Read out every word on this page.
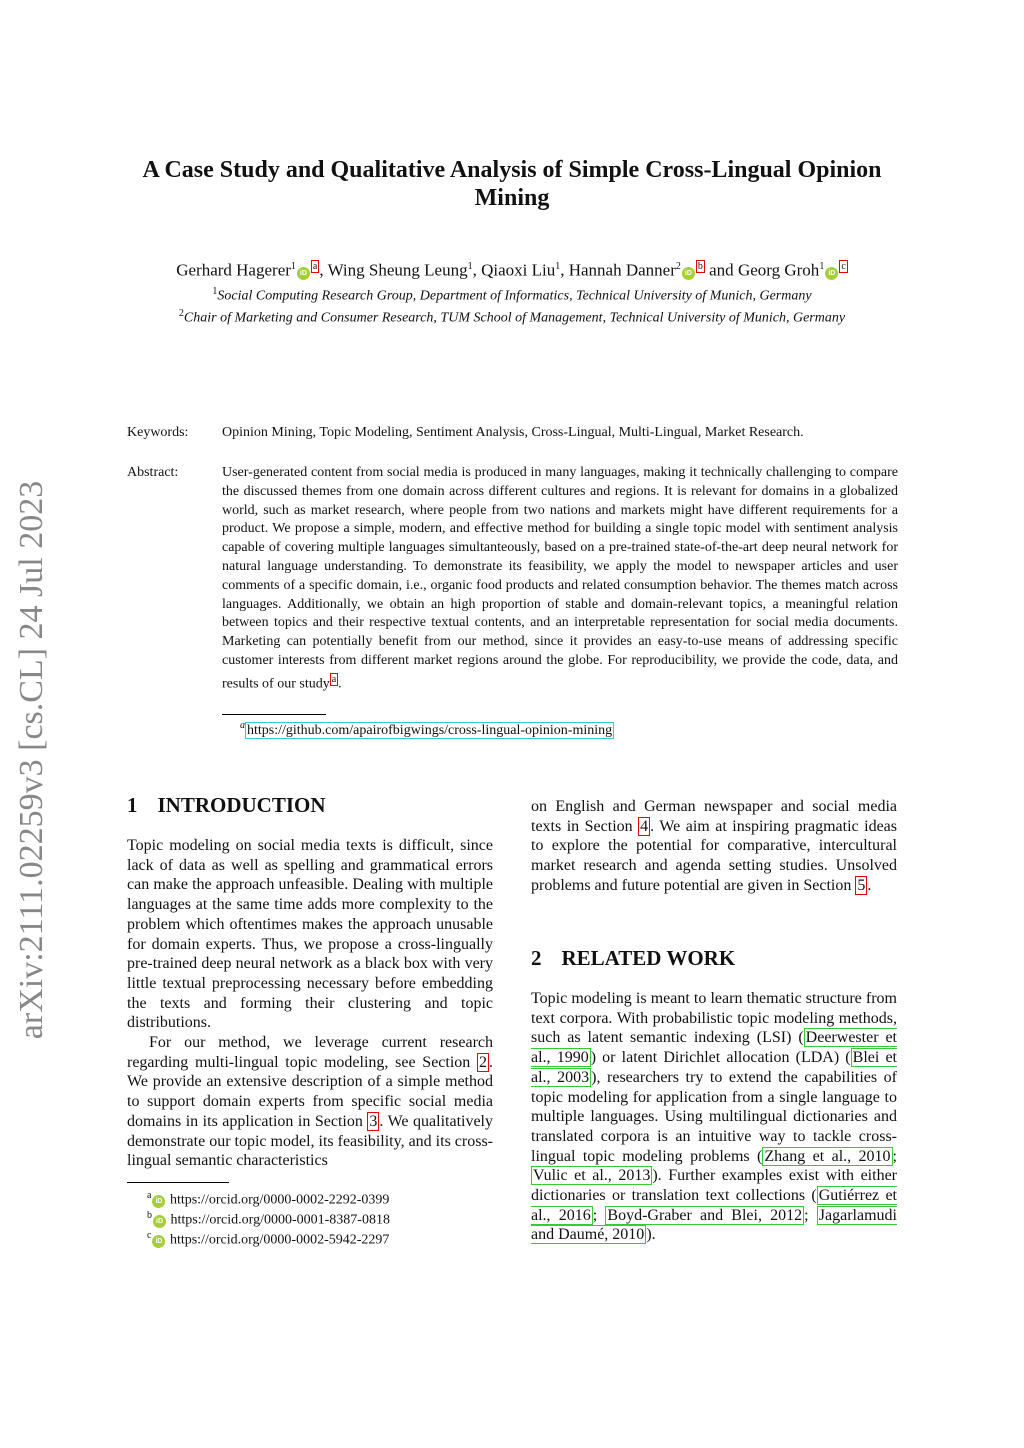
arXiv:2111.02259v3 [cs.CL] 24 Jul 2023
A Case Study and Qualitative Analysis of Simple Cross-Lingual Opinion
Mining
Gerhard $Hagerer^1iD^a$ , Wing Sheung Leung$^1$, Qiaoxi Liu$^1$, Hannah $Danner^2iD^b$ and Georg $Groh^1iD^c$
$^1$Social Computing Research Group, Department of Informatics, Technical University of Munich, Germany
$^2$Chair of Marketing and Consumer Research, TUM School of Management, Technical University of Munich, Germany
Keywords: Opinion Mining, Topic Modeling, Sentiment Analysis, Cross-Lingual, Multi-Lingual, Market Research.
Abstract:	User-generated content from social media is produced in many languages, making it technically challenging to compare the discussed themes from one domain across different cultures and regions. It is relevant for domains in a globalized world, such as market research, where people from two nations and markets might have different requirements for a product. We propose a simple, modern, and effective method for building a single topic model with sentiment analysis capable of covering multiple languages simultanteously, based on a pre-trained state-of-the-art deep neural network for natural language understanding. To demonstrate its feasibility, we apply the model to newspaper articles and user comments of a specific domain, i.e., organic food products and related consumption behavior. The themes match across languages. Additionally, we obtain an high proportion of stable and domain-relevant topics, a meaningful relation between topics and their respective textual contents, and an interpretable representation for social media documents. Marketing can potentially benefit from our method, since it provides an easy-to-use means of addressing specific customer interests from different market regions around the globe. For reproducibility, we provide the code, data, and results of our study $^a$ .
$^a$ https://github.com/apairofbigwings/cross-lingual-opinion-mining
1 INTRODUCTION

Topic modeling on social media texts is difficult, since lack of data as well as spelling and grammatical errors can make the approach unfeasible. Dealing with multiple languages at the same time adds more complexity to the problem which oftentimes makes the approach unusable for domain experts. Thus, we propose a cross-lingually pre-trained deep neural network as a black box with very little textual preprocessing necessary before embedding the texts and forming their clustering and topic distributions.

For our method, we leverage current research regarding multi-lingual topic modeling, see Section 2 . We provide an extensive description of a simple method to support domain experts from specific social media domains in its application in Section 3 . We qualitatively demonstrate our topic model, its feasibility, and its cross-lingual semantic characteristics

$^a$iD https://orcid.org/0000-0002-2292-0399
$^b$iD https://orcid.org/0000-0001-8387-0818
$^c$iD https://orcid.org/0000-0002-5942-2297

on English and German newspaper and social media texts in Section 4 . We aim at inspiring pragmatic ideas to explore the potential for comparative, intercultural market research and agenda setting studies. Unsolved problems and future potential are given in Section 5 .

2 RELATED WORK

Topic modeling is meant to learn thematic structure from text corpora. With probabilistic topic modeling methods, such as latent semantic indexing (LSI) ( Deerwester et al., 1990 ) or latent Dirichlet allocation (LDA) ( Blei et al., 2003 ), researchers try to extend the capabilities of topic modeling for application from a single language to multiple languages. Using multilingual dictionaries and translated corpora is an intuitive way to tackle cross-lingual topic modeling problems ( Zhang et al., 2010 ; Vulic et al., 2013 ). Further examples exist with either dictionaries or translation text collections ( Gutiérrez et al., 2016 ; Boyd-Graber and Blei, 2012 ; Jagarlamudi and Daumé, 2010 ).
